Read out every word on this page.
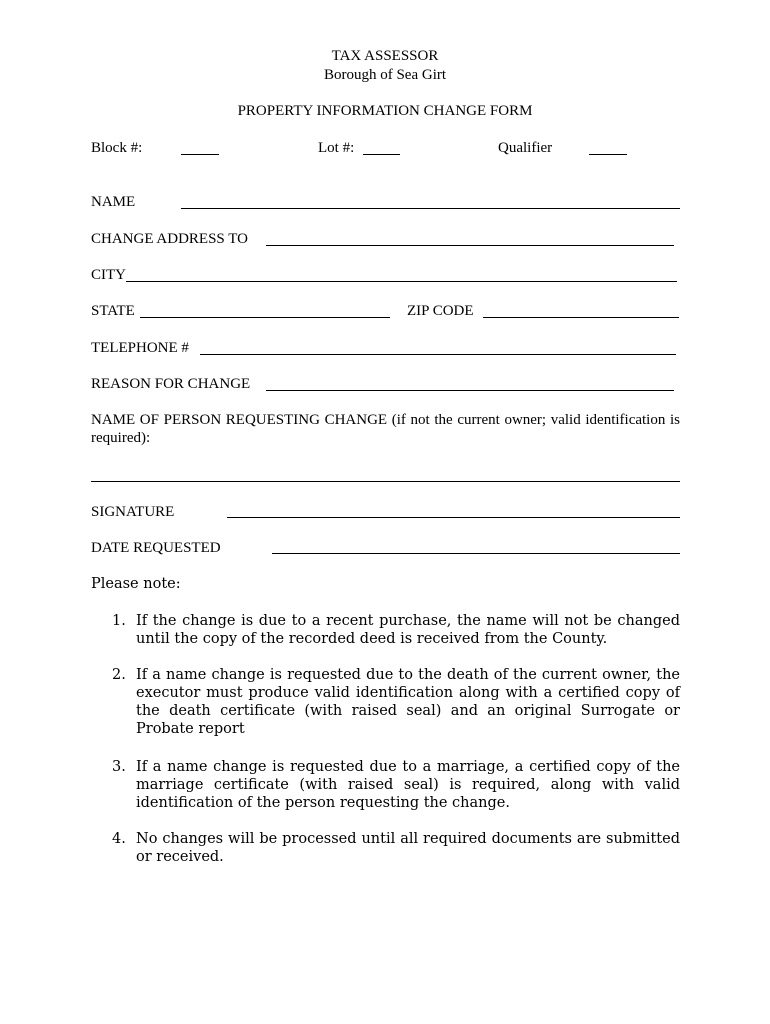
TAX ASSESSOR
Borough of Sea Girt
PROPERTY INFORMATION CHANGE FORM
Block #:	Lot #:	Qualifier
NAME
CHANGE ADDRESS TO
CITY
STATE	ZIP CODE
TELEPHONE #
REASON FOR CHANGE
NAME OF PERSON REQUESTING CHANGE (if not the current owner; valid identification is required):
SIGNATURE
DATE REQUESTED
Please note:
1. If the change is due to a recent purchase, the name will not be changed until the copy of the recorded deed is received from the County.
2. If a name change is requested due to the death of the current owner, the executor must produce valid identification along with a certified copy of the death certificate (with raised seal) and an original Surrogate or Probate report
3. If a name change is requested due to a marriage, a certified copy of the marriage certificate (with raised seal) is required, along with valid identification of the person requesting the change.
4. No changes will be processed until all required documents are submitted or received.
